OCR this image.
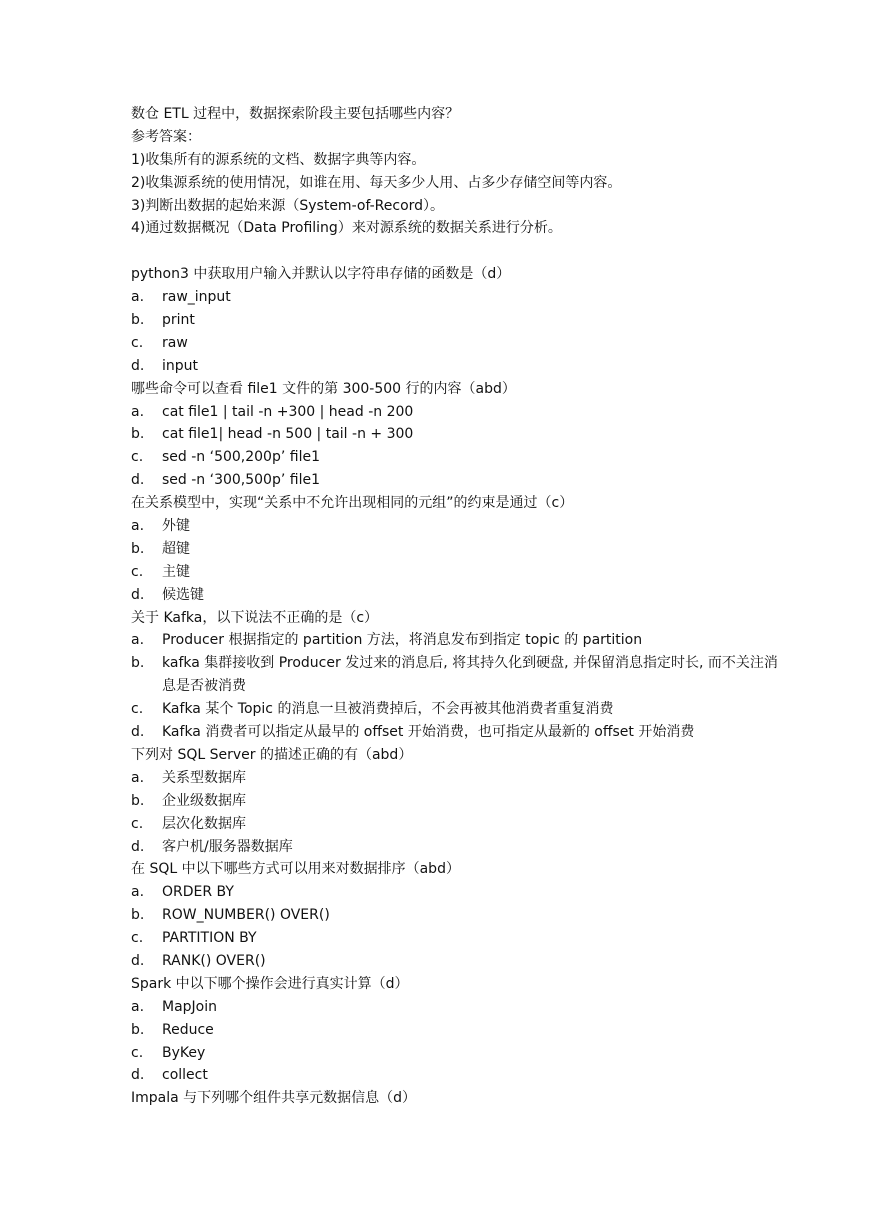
数仓 ETL 过程中，数据探索阶段主要包括哪些内容？
参考答案：
1)收集所有的源系统的文档、数据字典等内容。
2)收集源系统的使用情况，如谁在用、每天多少人用、占多少存储空间等内容。
3)判断出数据的起始来源（System-of-Record）。
4)通过数据概况（Data Profiling）来对源系统的数据关系进行分析。
python3 中获取用户输入并默认以字符串存储的函数是（d）
a. raw_input
b. print
c. raw
d. input
哪些命令可以查看 file1 文件的第 300-500 行的内容（abd）
a. cat file1 | tail -n +300 | head -n 200
b. cat file1| head -n 500 | tail -n + 300
c. sed -n ‘500,200p’ file1
d. sed -n ‘300,500p’ file1
在关系模型中，实现“关系中不允许出现相同的元组”的约束是通过（c）
a. 外键
b. 超键
c. 主键
d. 候选键
关于 Kafka，以下说法不正确的是（c）
a. Producer 根据指定的 partition 方法，将消息发布到指定 topic 的 partition
b. kafka 集群接收到 Producer 发过来的消息后, 将其持久化到硬盘, 并保留消息指定时长, 而不关注消息是否被消费
c. Kafka 某个 Topic 的消息一旦被消费掉后，不会再被其他消费者重复消费
d. Kafka 消费者可以指定从最早的 offset 开始消费，也可指定从最新的 offset 开始消费
下列对 SQL Server 的描述正确的有（abd）
a. 关系型数据库
b. 企业级数据库
c. 层次化数据库
d. 客户机/服务器数据库
在 SQL 中以下哪些方式可以用来对数据排序（abd）
a. ORDER BY
b. ROW_NUMBER() OVER()
c. PARTITION BY
d. RANK() OVER()
Spark 中以下哪个操作会进行真实计算（d）
a. MapJoin
b. Reduce
c. ByKey
d. collect
Impala 与下列哪个组件共享元数据信息（d）
